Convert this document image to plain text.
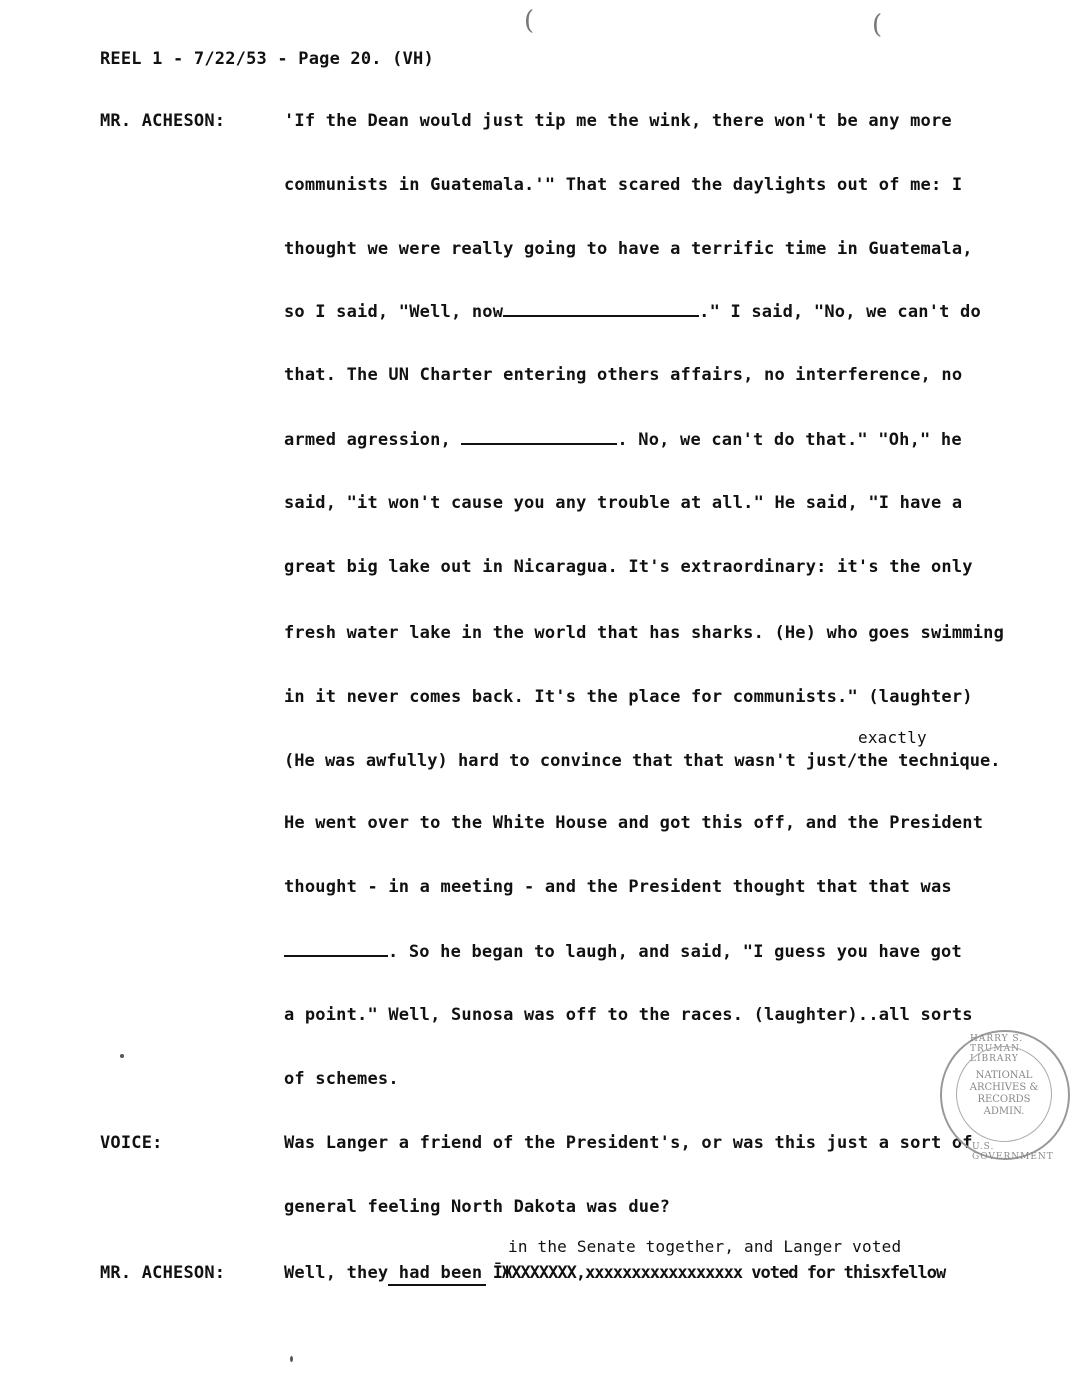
(	(
REEL 1 - 7/22/53 - Page 20. (VH)
MR. ACHESON:	'If the Dean would just tip me the wink, there won't be any more
communists in Guatemala.'" That scared the daylights out of me: I
thought we were really going to have a terrific time in Guatemala,
so I said, "Well, now	." I said, "No, we can't do
that. The UN Charter entering others affairs, no interference, no
armed agression,	. No, we can't do that." "Oh," he
said, "it won't cause you any trouble at all." He said, "I have a
great big lake out in Nicaragua. It's extraordinary: it's the only
fresh water lake in the world that has sharks. (He) who goes swimming
in it never comes back. It's the place for communists." (laughter)
exactly
(He was awfully) hard to convince that that wasn't just/the technique.
He went over to the White House and got this off, and the President
thought - in a meeting - and the President thought that that was
. So he began to laugh, and said, "I guess you have got
a point." Well, Sunosa was off to the races. (laughter)..all sorts
of schemes.
VOICE:	Was Langer a friend of the President's, or was this just a sort of
general feeling North Dakota was due?
in the Senate together, and Langer voted
MR. ACHESON:	Well, they had been ĪЖXXXXXXX,xxxxxxxxxxxxxxxxx voted for thisxfellow
HARRY S. TRUMAN LIBRARY
NATIONAL
ARCHIVES &
RECORDS
ADMIN.
U.S. GOVERNMENT
